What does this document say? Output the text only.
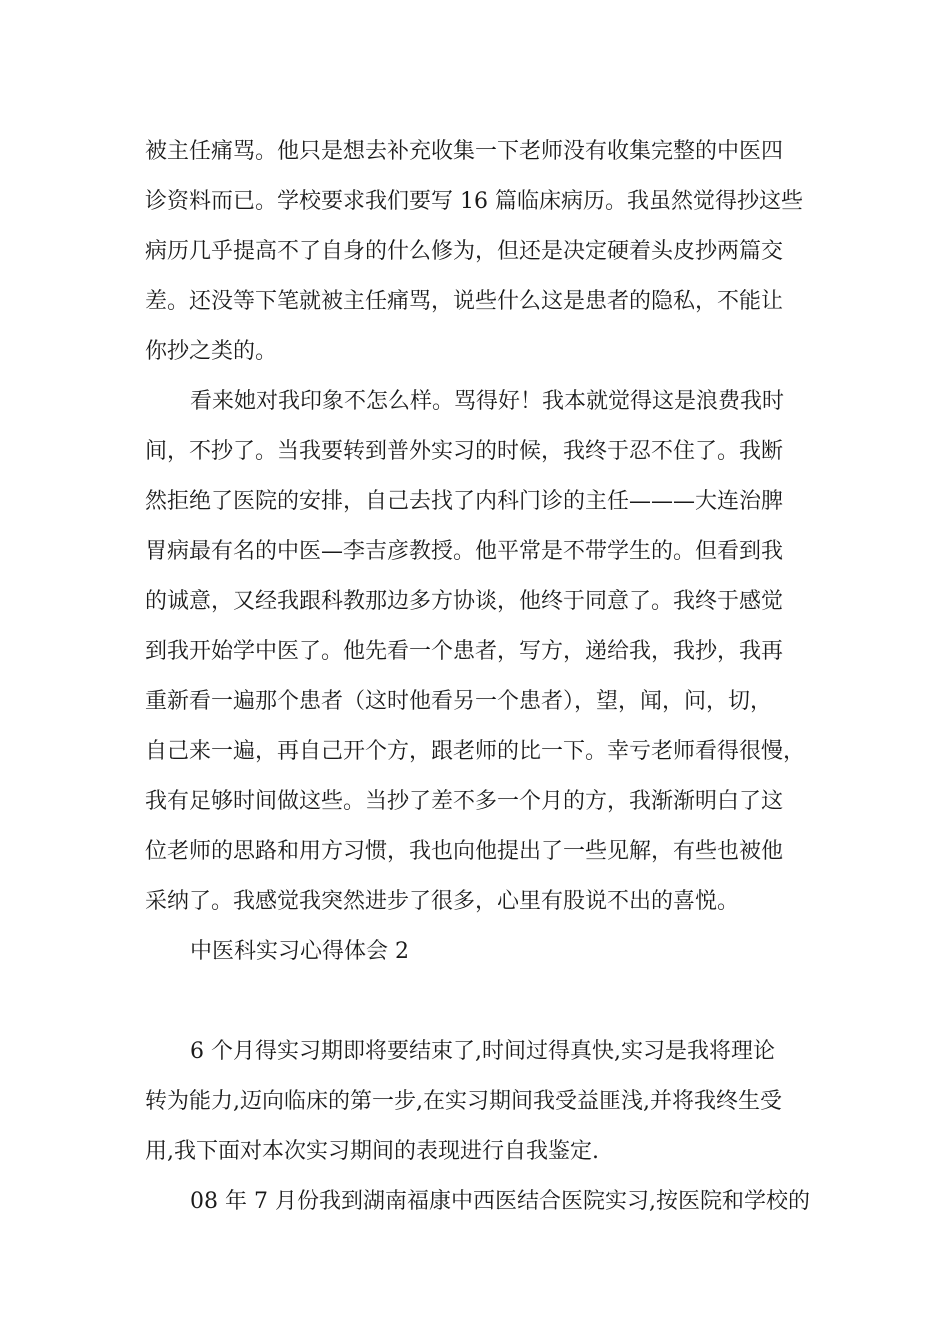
被主任痛骂。他只是想去补充收集一下老师没有收集完整的中医四
诊资料而已。学校要求我们要写 16 篇临床病历。我虽然觉得抄这些
病历几乎提高不了自身的什么修为，但还是决定硬着头皮抄两篇交
差。还没等下笔就被主任痛骂，说些什么这是患者的隐私，不能让
你抄之类的。
看来她对我印象不怎么样。骂得好！我本就觉得这是浪费我时
间，不抄了。当我要转到普外实习的时候，我终于忍不住了。我断
然拒绝了医院的安排，自己去找了内科门诊的主任———大连治脾
胃病最有名的中医—李吉彦教授。他平常是不带学生的。但看到我
的诚意，又经我跟科教那边多方协谈，他终于同意了。我终于感觉
到我开始学中医了。他先看一个患者，写方，递给我，我抄，我再
重新看一遍那个患者（这时他看另一个患者），望，闻，问，切，
自己来一遍，再自己开个方，跟老师的比一下。幸亏老师看得很慢，
我有足够时间做这些。当抄了差不多一个月的方，我渐渐明白了这
位老师的思路和用方习惯，我也向他提出了一些见解，有些也被他
采纳了。我感觉我突然进步了很多，心里有股说不出的喜悦。
中医科实习心得体会 2
6 个月得实习期即将要结束了,时间过得真快,实习是我将理论
转为能力,迈向临床的第一步,在实习期间我受益匪浅,并将我终生受
用,我下面对本次实习期间的表现进行自我鉴定.
08 年 7 月份我到湖南福康中西医结合医院实习,按医院和学校的
